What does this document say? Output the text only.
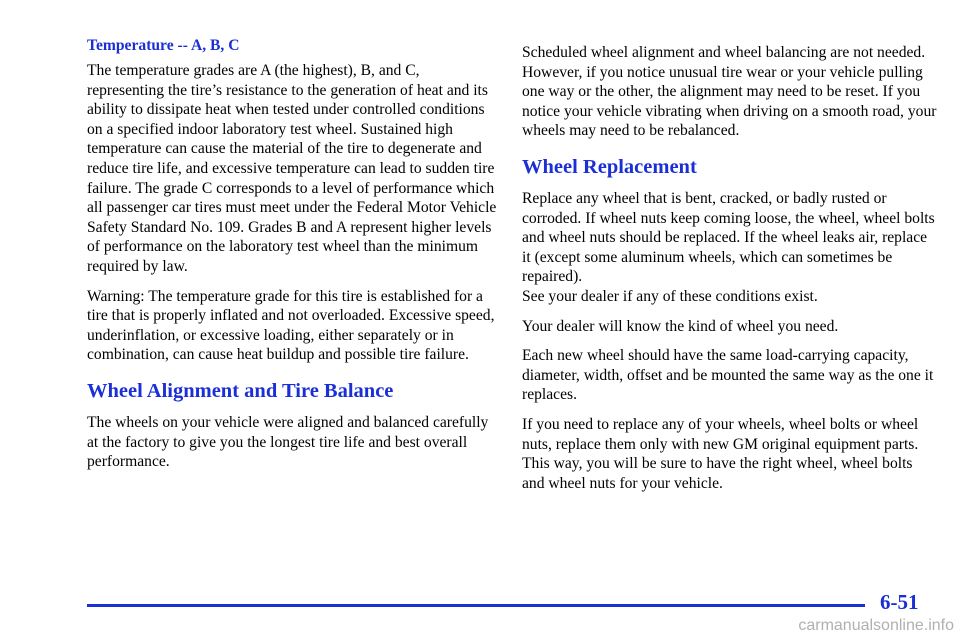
Temperature -- A, B, C

The temperature grades are A (the highest), B, and C, representing the tire’s resistance to the generation of heat and its ability to dissipate heat when tested under controlled conditions on a specified indoor laboratory test wheel. Sustained high temperature can cause the material of the tire to degenerate and reduce tire life, and excessive temperature can lead to sudden tire failure. The grade C corresponds to a level of performance which all passenger car tires must meet under the Federal Motor Vehicle Safety Standard No. 109. Grades B and A represent higher levels of performance on the laboratory test wheel than the minimum required by law.

Warning: The temperature grade for this tire is established for a tire that is properly inflated and not overloaded. Excessive speed, underinflation, or excessive loading, either separately or in combination, can cause heat buildup and possible tire failure.

Wheel Alignment and Tire Balance

The wheels on your vehicle were aligned and balanced carefully at the factory to give you the longest tire life and best overall performance.

Scheduled wheel alignment and wheel balancing are not needed. However, if you notice unusual tire wear or your vehicle pulling one way or the other, the alignment may need to be reset. If you notice your vehicle vibrating when driving on a smooth road, your wheels may need to be rebalanced.

Wheel Replacement

Replace any wheel that is bent, cracked, or badly rusted or corroded. If wheel nuts keep coming loose, the wheel, wheel bolts and wheel nuts should be replaced. If the wheel leaks air, replace it (except some aluminum wheels, which can sometimes be repaired).
See your dealer if any of these conditions exist.

Your dealer will know the kind of wheel you need.

Each new wheel should have the same load-carrying capacity, diameter, width, offset and be mounted the same way as the one it replaces.

If you need to replace any of your wheels, wheel bolts or wheel nuts, replace them only with new GM original equipment parts. This way, you will be sure to have the right wheel, wheel bolts and wheel nuts for your vehicle.

6-51
carmanualsonline.info
